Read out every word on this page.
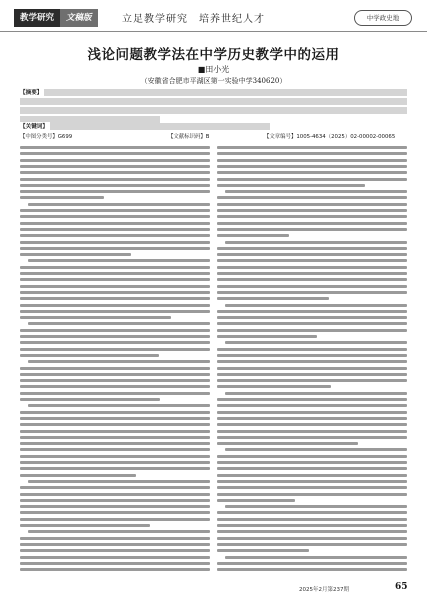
教学研究	文稿版	立足教学研究　培养世纪人才	中学政史地
浅论问题教学法在中学历史教学中的运用
■田小光
（安徽省合肥市平湖区第一实验中学340620）
【摘要】
【关键词】
【中图分类号】G699	【文献标识码】B	【文章编号】1005-4634（2025）02-00002-00065
2025年2月第237期	65
